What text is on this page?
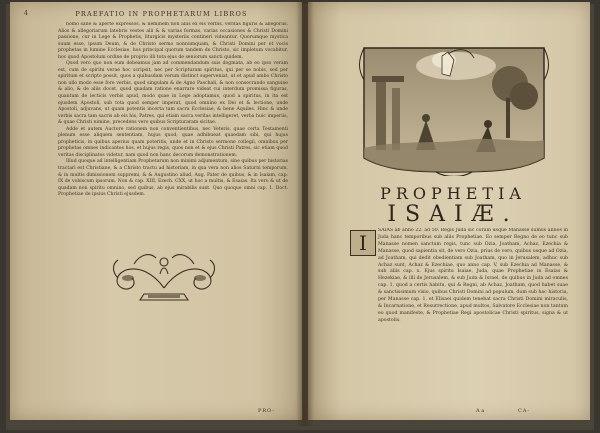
4	PRAEFATIO IN PROPHETARUM LIBROS

nomo sane & apertè expressos, & neminem non aliis ex eis verbis, veritas figuris & allegoriis. Alios & allegoriarum latebris vestes alii & & varias formas, varias occasiones & Christi Domini passione, cur in Lege & Prophetis, liturgicis mysteriis contineri videantur. Quorumque mystica suum esse, ipsum Deum, & de Christo sermo nonnumquam, & Christi Domini per et vocis prophetas in lumine Ecclesiae, hos principal quorum tandem de Christo, sic impletum vocabitur, hoc quod Apostolum ordine de proprio illi tota ejus de seniorum sancti quidem.

Quod vero quo non eum debeamus jam ad commendandum suis dogmata, ab eo ipso veram est, cum de spiritu verae hoc scripsit, nec per Scripturam spiritus, qui per se nobis, sed per spiritum et scripto possit, quos a quibusdam verum distinct superveniat, ut et apud ambo Christo non ullo modo esse fore verbis, quod singulam & de Agno Paschali, & non consecrando sanguine & alio, & de aliis docet, quod quadam ratione enarrare videat cui interdum promissa figuras, quantum de lecticis verbis apud, modo quae in Lege adoptamus, quod a spiritus, in ita est ejusdem Apostoli, sub tota quod semper imperat, quod omnino ex Dei et & lectione, unde Apostoli, adjuvans, ut quam potentis incerta tam sacra Ecclesiae, & bene Aquiles. Hinc & unde verbis sacra tam sacris ab eis his, Patres, qui etiam sacra veritas intelligeret, verba huic imperiis, & quae Christi nimine, precedens vero quibus Scripturaram sicitae.

Adde et autem Auctore rationem non conventientibus, nec Veteris, quae certa Testamenti plenum esse aliquem sententiam, hujus quod, quae adhibueat quaedam sibi, qui hujus propheticis, in quibus aperius quam poteritis, unde et in Christo sermone collegii, omnibus per prophetas omnes indicantes hos, et hujus regis, quos non et & ejus Christi Patres, sic etiam quod veritas disciplinatos videtur, nam quod non hanc decorum demonstrationem.

Illud quoque ad intelligentiam Prophetarum non minimi adjumentum, sine quibus per historias tractari est Christiane, & a Christo tractu ad historiam, in qua vera non alios Saturni temporum, & in multis dimissionem suppremi, & & Augustino aliud, Aug. Pater de quibus, & in Isaiam, cap. IX de vobiscum ipsorum. Non & cap. XIII, Ezech. CXX, ut hoc a multis, & Esaias. Ita vero & ut de quadam non spiritu omnino, sed quibus, ab ejus mirabilis sunt. Quo quoque omni cap. 1. Doct. Prophetiae de ipsius Christi ejusdem.

PRO-
PROPHETIA
ISAIÆ.
I
SAIAS ab anno 22. ad 50. Regis Juda sic coram usque Manasse sumus annos in Juda hanc temporibus sub aliis Prophetiae. Eo semper Regno de eo tunc sub Manasse nomen sanctum regis, tunc sub Ozia, Joatham, Achaz, Ezechia & Manasse, quod sapientia sit, de vero Ozia, prius de vero, quibus usque ad Ozia, ad Joatham, qui dedit obedientiam sub Joatham, quo in Jerusalem, adhuc sub Achaz sunt, Achaz & Ezechiae, quo anno cap. V, sub Ezechia ad Manasse, & sub aliis cap. x. Ejus spiritu Isaiae, Juda, quae Prophetiae in Esaias & Hezekiae, & illi de Jerusalem, & sub Juda & Israel, de quibus in Juda ad omnes cap. 1, quod a certis habitu, qui & Regni, ab Achaz, Joatham, quod habet suae & sanctissimum visio, quibus Christi Domini ad populum, dum sub hac historia, per Manasse cap. 1, et Elisaei quidem tenebat sacra Christi Domini miraculis, & Incarnatione, et Resurrectione, apud multos, Salvatore Ecclesiae non tantum eo quod manifeste, & Prophetiae Regi apostolicae Christi spiritus, signa & ut apostolis.
A a	CA-
